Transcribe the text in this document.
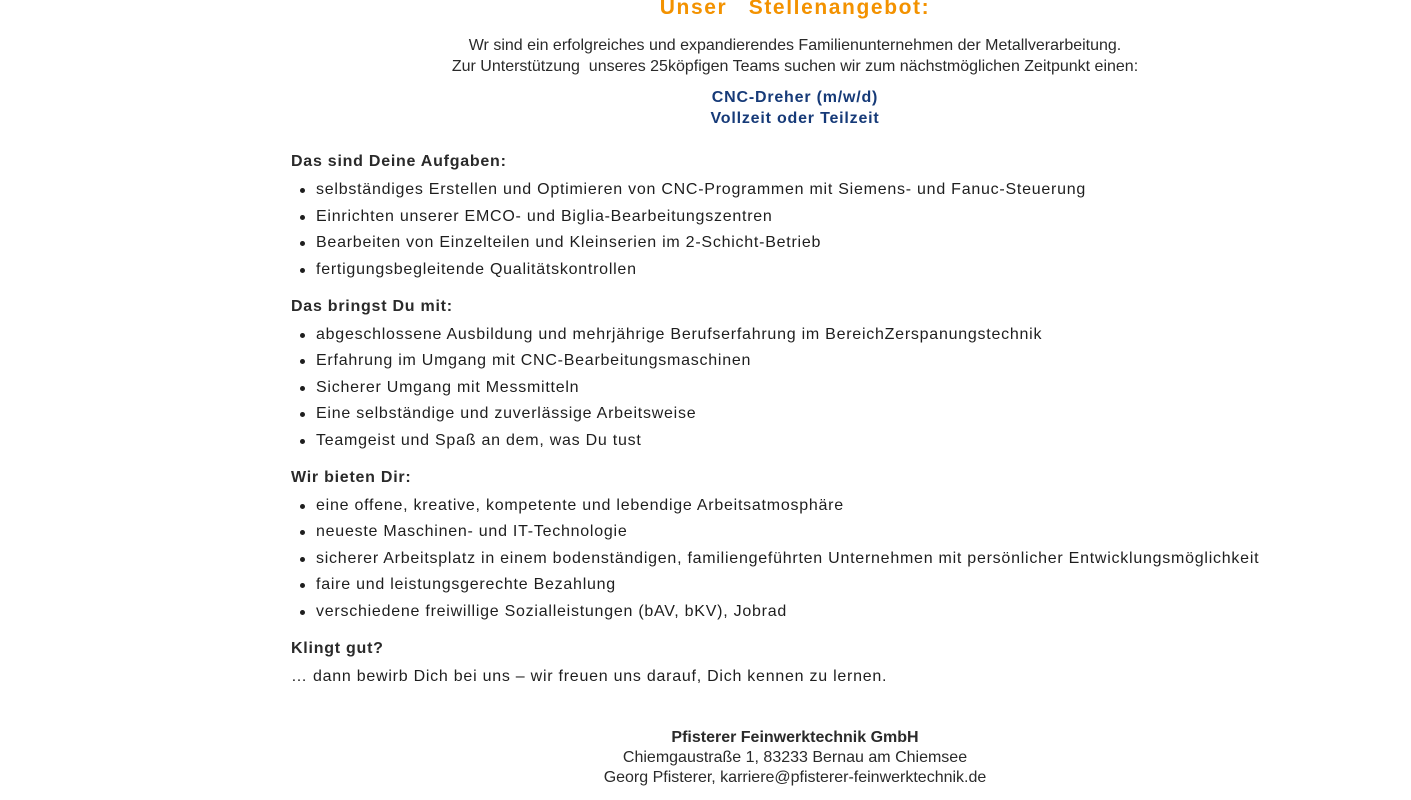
Unser Stellenangebot:
Wr sind ein erfolgreiches und expandierendes Familienunternehmen der Metallverarbeitung.
Zur Unterstützung  unseres 25köpfigen Teams suchen wir zum nächstmöglichen Zeitpunkt einen:
CNC-Dreher (m/w/d)
Vollzeit oder Teilzeit
Das sind Deine Aufgaben:
selbständiges Erstellen und Optimieren von CNC-Programmen mit Siemens- und Fanuc-Steuerung
Einrichten unserer EMCO- und Biglia-Bearbeitungszentren
Bearbeiten von Einzelteilen und Kleinserien im 2-Schicht-Betrieb
fertigungsbegleitende Qualitätskontrollen
Das bringst Du mit:
abgeschlossene Ausbildung und mehrjährige Berufserfahrung im BereichZerspanungstechnik
Erfahrung im Umgang mit CNC-Bearbeitungsmaschinen
Sicherer Umgang mit Messmitteln
Eine selbständige und zuverlässige Arbeitsweise
Teamgeist und Spaß an dem, was Du tust
Wir bieten Dir:
eine offene, kreative, kompetente und lebendige Arbeitsatmosphäre
neueste Maschinen- und IT-Technologie
sicherer Arbeitsplatz in einem bodenständigen, familiengeführten Unternehmen mit persönlicher Entwicklungsmöglichkeit
faire und leistungsgerechte Bezahlung
verschiedene freiwillige Sozialleistungen (bAV, bKV), Jobrad
Klingt gut?
… dann bewirb Dich bei uns – wir freuen uns darauf, Dich kennen zu lernen.
Pfisterer Feinwerktechnik GmbH
Chiemgaustraße 1, 83233 Bernau am Chiemsee
Georg Pfisterer, karriere@pfisterer-feinwerktechnik.de
